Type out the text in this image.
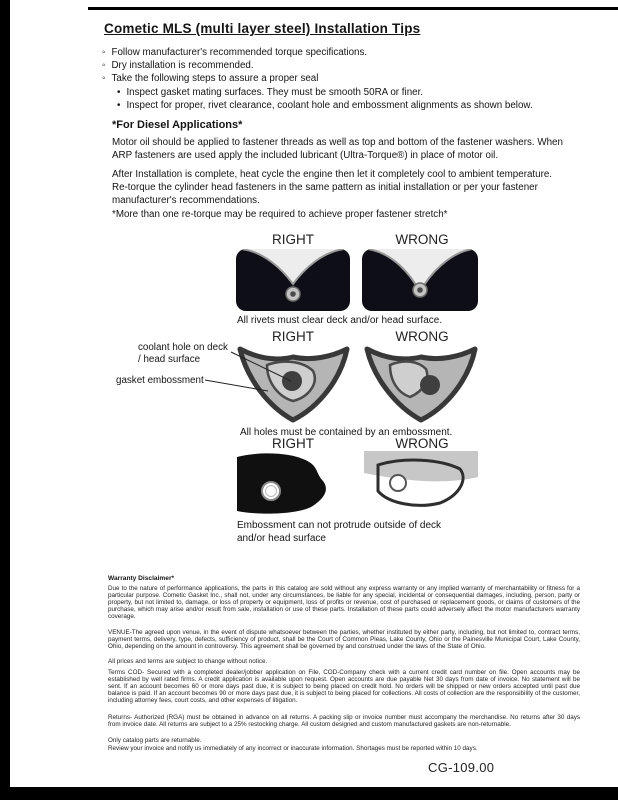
Cometic MLS (multi layer steel) Installation Tips
◦ Follow manufacturer's recommended torque specifications.
◦ Dry installation is recommended.
◦ Take the following steps to assure a proper seal
• Inspect gasket mating surfaces. They must be smooth 50RA or finer.
• Inspect for proper, rivet clearance, coolant hole and embossment alignments as shown below.
*For Diesel Applications*
Motor oil should be applied to fastener threads as well as top and bottom of the fastener washers. When ARP fasteners are used apply the included lubricant (Ultra-Torque®) in place of motor oil.
After Installation is complete, heat cycle the engine then let it completely cool to ambient temperature. Re-torque the cylinder head fasteners in the same pattern as initial installation or per your fastener manufacturer's recommendations.
*More than one re-torque may be required to achieve proper fastener stretch*
RIGHT	WRONG
All rivets must clear deck and/or head surface.
RIGHT	WRONG
coolant hole on deck / head surface
gasket embossment
All holes must be contained by an embossment.
RIGHT	WRONG
Embossment can not protrude outside of deck and/or head surface
Warranty Disclaimer*
Due to the nature of performance applications, the parts in this catalog are sold without any express warranty or any implied warranty of merchantability or fitness for a particular purpose. Cometic Gasket Inc., shall not, under any circumstances, be liable for any special, incidental or consequential damages, including, person, party or property, but not limited to, damage, or loss of property or equipment, loss of profits or revenue, cost of purchased or replacement goods, or claims of customers of the purchase, which may arise and/or result from sale, installation or use of these parts. Installation of these parts could adversely affect the motor manufacturers warranty coverage.
VENUE-The agreed upon venue, in the event of dispute whatsoever between the parties, whether instituted by either party, including, but not limited to, contract terms, payment terms, delivery, type, defects, sufficiency of product, shall be the Court of Common Pleas, Lake County, Ohio or the Painesville Municipal Court, Lake County, Ohio, depending on the amount in controversy. This agreement shall be governed by and construed under the laws of the State of Ohio.
All prices and terms are subject to change without notice.
Terms COD- Secured with a completed dealer/jobber application on File, COD-Company check with a current credit card number on file. Open accounts may be established by well rated firms. A credit application is available upon request. Open accounts are due payable Net 30 days from date of invoice. No statement will be sent. If an account becomes 60 or more days past due, it is subject to being placed on credit hold. No orders will be shipped or new orders accepted until past due balance is paid. If an account becomes 90 or more days past due, it is subject to being placed for collections. All costs of collection are the responsibility of the customer, including attorney fees, court costs, and other expenses of litigation.
Returns- Authorized (RGA) must be obtained in advance on all returns. A packing slip or invoice number must accompany the merchandise. No returns after 30 days from invoice date. All returns are subject to a 25% restocking charge. All custom designed and custom manufactured gaskets are non-returnable.
Only catalog parts are returnable.
Review your invoice and notify us immediately of any incorrect or inaccurate information. Shortages must be reported within 10 days.
CG-109.00
